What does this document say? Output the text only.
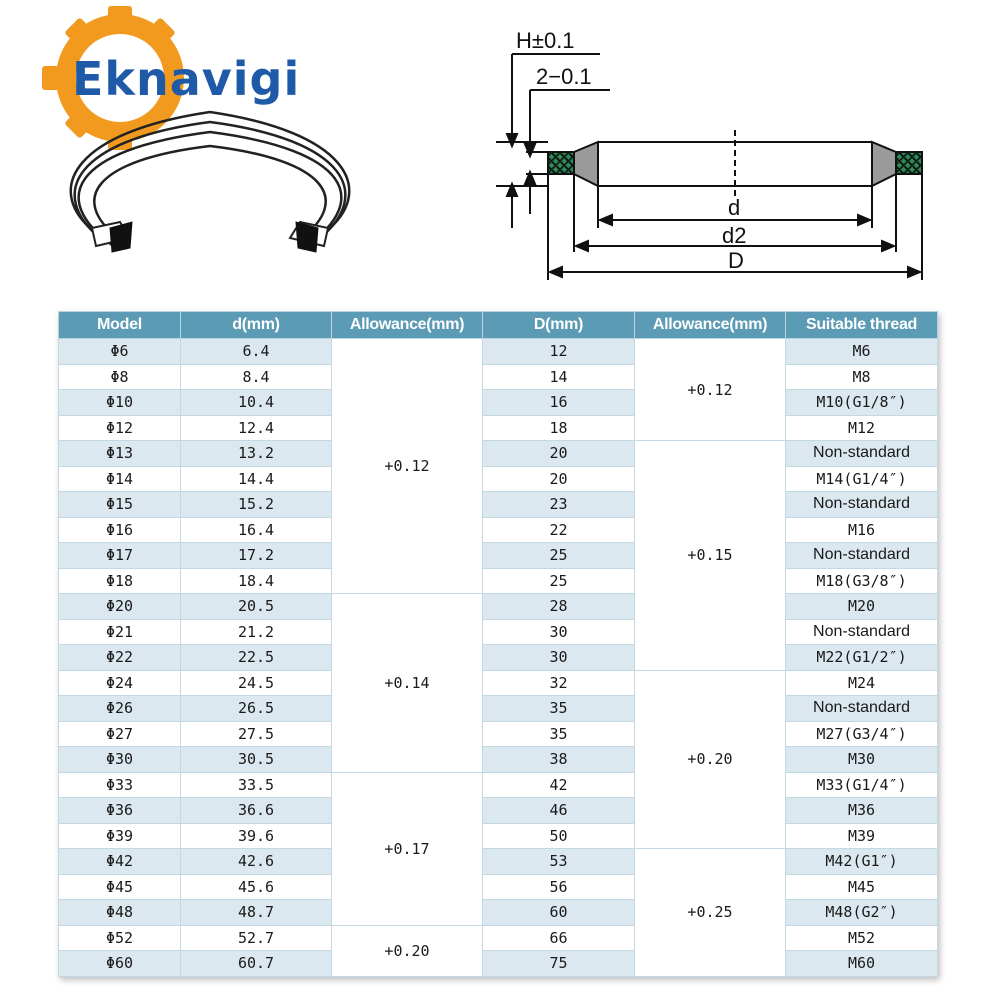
Eknavigi
H±0.1
2−0.1
d
d2
D
Model	d(mm)	Allowance(mm)	D(mm)	Allowance(mm)	Suitable thread
Φ6	6.4	+0.12	12	+0.12	M6
Φ8	8.4		14		M8
Φ10	10.4		16		M10(G1/8″)
Φ12	12.4		18		M12
Φ13	13.2		20	+0.15	Non-standard
Φ14	14.4		20		M14(G1/4″)
Φ15	15.2		23		Non-standard
Φ16	16.4		22		M16
Φ17	17.2		25		Non-standard
Φ18	18.4		25		M18(G3/8″)
Φ20	20.5	+0.14	28		M20
Φ21	21.2		30		Non-standard
Φ22	22.5		30		M22(G1/2″)
Φ24	24.5		32	+0.20	M24
Φ26	26.5		35		Non-standard
Φ27	27.5		35		M27(G3/4″)
Φ30	30.5		38		M30
Φ33	33.5	+0.17	42		M33(G1/4″)
Φ36	36.6		46		M36
Φ39	39.6		50		M39
Φ42	42.6		53	+0.25	M42(G1″)
Φ45	45.6		56		M45
Φ48	48.7		60		M48(G2″)
Φ52	52.7	+0.20	66		M52
Φ60	60.7		75		M60
